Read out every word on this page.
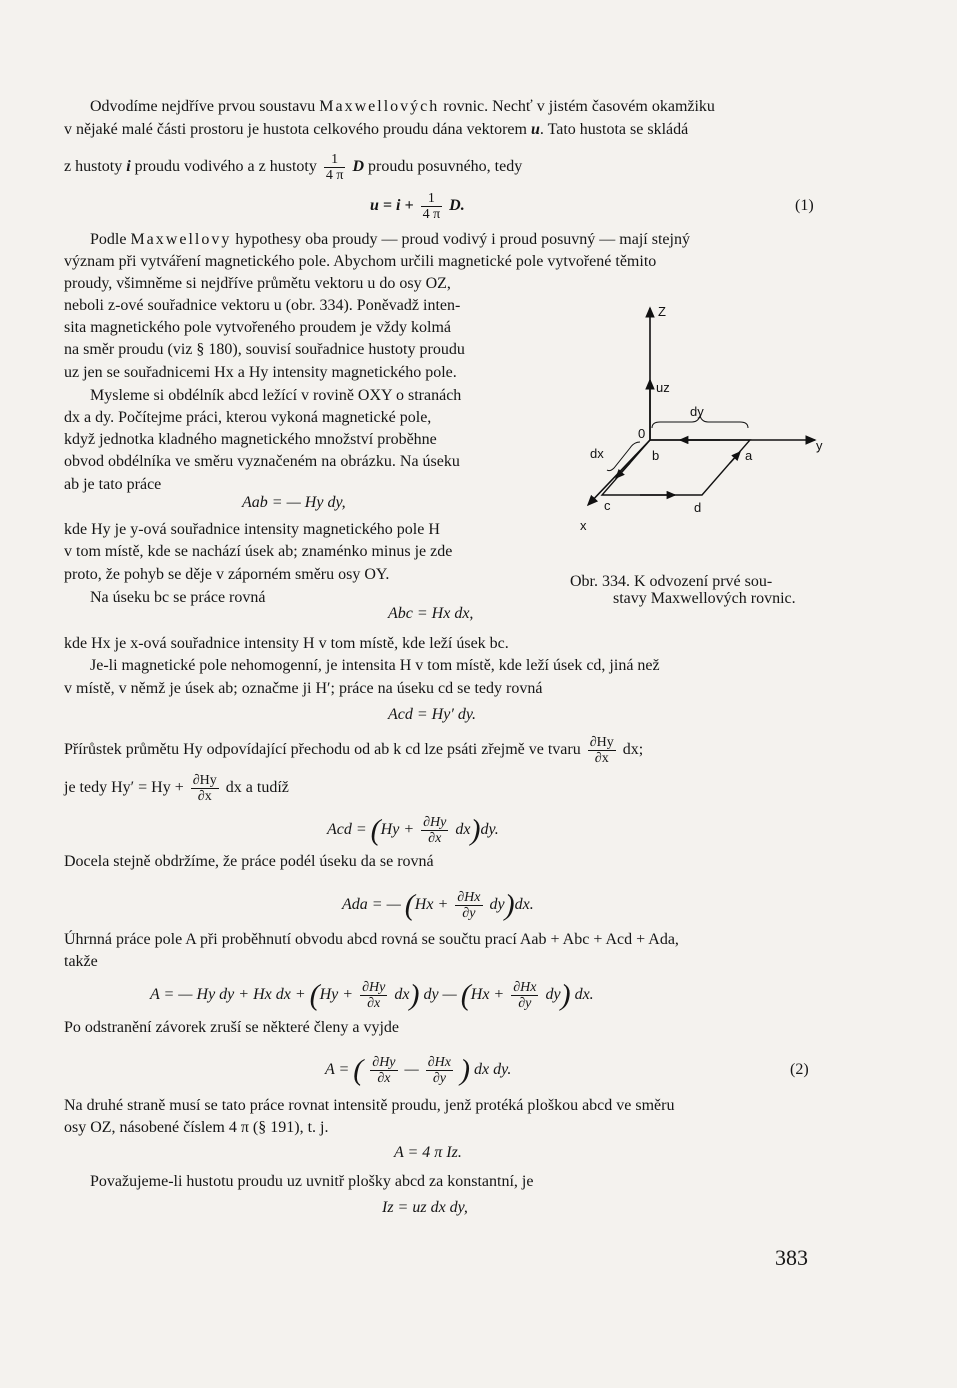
Odvodíme nejdříve prvou soustavu Maxwellových rovnic. Nechť v jistém časovém okamžiku
v nějaké malé části prostoru je hustota celkového proudu dána vektorem u. Tato hustota se skládá
z hustoty i proudu vodivého a z hustoty $\frac{1}{4 \pi}$ D proudu posuvného, tedy
$u = i + \frac{1}{4 \pi} D$.	(1)
Podle Maxwellovy hypothesy oba proudy — proud vodivý i proud posuvný — mají stejný
význam při vytváření magnetického pole. Abychom určili magnetické pole vytvořené těmito
proudy, všimněme si nejdříve průmětu vektoru u do osy OZ,
neboli z-ové souřadnice vektoru u (obr. 334). Poněvadž inten-
sita magnetického pole vytvořeného proudem je vždy kolmá
na směr proudu (viz § 180), souvisí souřadnice hustoty proudu
uz jen se souřadnicemi Hx a Hy intensity magnetického pole.
Mysleme si obdélník abcd ležící v rovině OXY o stranách
dx a dy. Počítejme práci, kterou vykoná magnetické pole,
když jednotka kladného magnetického množství proběhne
obvod obdélníka ve směru vyznačeném na obrázku. Na úseku
ab je tato práce
Aab = — Hy dy,
kde Hy je y-ová souřadnice intensity magnetického pole H
v tom místě, kde se nachází úsek ab; znaménko minus je zde
proto, že pohyb se děje v záporném směru osy OY.
Na úseku bc se práce rovná
Abc = Hx dx,
Z
uz
dy
0
y
dx	b	a
c	d
x
Obr. 334. K odvození prvé sou-
stavy Maxwellových rovnic.
kde Hx je x-ová souřadnice intensity H v tom místě, kde leží úsek bc.
Je-li magnetické pole nehomogenní, je intensita H v tom místě, kde leží úsek cd, jiná než
v místě, v němž je úsek ab; označme ji H′; práce na úseku cd se tedy rovná
Acd = Hy′ dy.
Přírůstek průmětu Hy odpovídající přechodu od ab k cd lze psáti zřejmě ve tvaru $\frac{\partial Hy}{\partial x}$ dx;
je tedy $Hy' = Hy + \frac{\partial Hy}{\partial x}$ dx a tudíž
Acd = $(Hy + \frac{\partial Hy}{\partial x} dx)dy$.
Docela stejně obdržíme, že práce podél úseku da se rovná
Ada = — $(Hx + \frac{\partial Hx}{\partial y} dy)dx$.
Úhrnná práce pole A při proběhnutí obvodu abcd rovná se součtu prací Aab + Abc + Acd + Ada,
takže
A = — Hy dy + Hx dx + $(Hy + \frac{\partial Hy}{\partial x} dx)$ dy — $(Hx + \frac{\partial Hx}{\partial y} dy)$ dx.
Po odstranění závorek zruší se některé členy a vyjde
A = ( $\frac{\partial Hy}{\partial x}$ — $\frac{\partial Hx}{\partial y}$ ) dx dy.	(2)
Na druhé straně musí se tato práce rovnat intensitě proudu, jenž protéká ploškou abcd ve směru
osy OZ, násobené číslem 4 π (§ 191), t. j.
A = 4 π Iz.
Považujeme-li hustotu proudu uz uvnitř plošky abcd za konstantní, je
Iz = uz dx dy,
383
